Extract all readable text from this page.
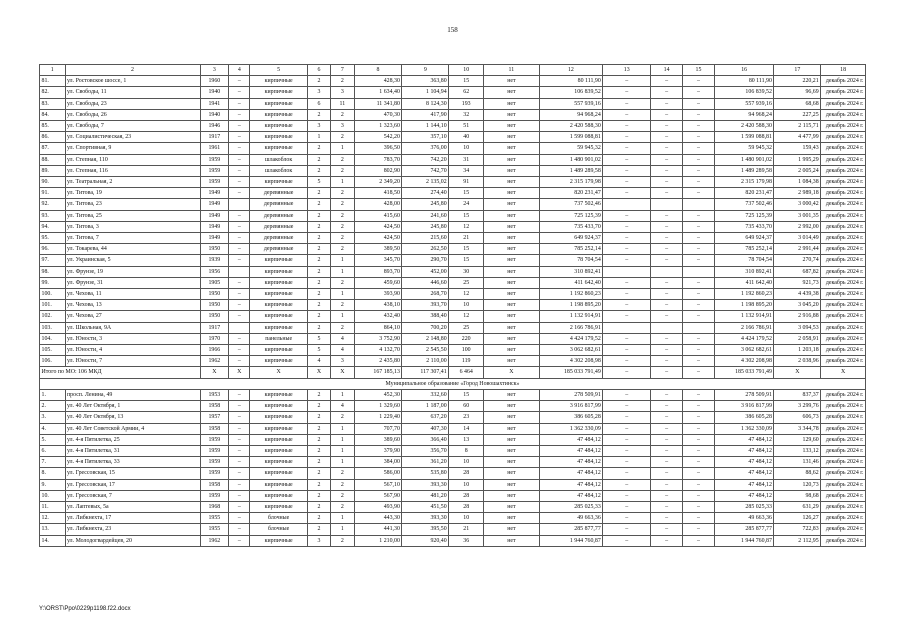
158
1	2	3	4	5	6	7	8	9	10	11	12	13	14	15	16	17	18
81.	ул. Ростовское шоссе, 1	1960	–	кирпичные	2	2	428,30	363,80	15	нет	80 111,90	–	–	–	80 111,90	220,21	декабрь 2024 г.
82.	ул. Свободы, 11	1940	–	кирпичные	3	3	1 634,40	1 104,94	62	нет	106 839,52	–	–	–	106 839,52	96,69	декабрь 2024 г.
83.	ул. Свободы, 23	1941	–	кирпичные	6	11	11 341,80	8 124,30	193	нет	557 939,16	–	–	–	557 939,16	68,68	декабрь 2024 г.
84.	ул. Свободы, 26	1940	–	кирпичные	2	2	470,30	417,90	32	нет	94 968,24	–	–	–	94 968,24	227,25	декабрь 2024 г.
85.	ул. Свободы, 7	1946	–	кирпичные	3	3	1 323,60	1 144,10	51	нет	2 420 588,30	–	–	–	2 420 588,30	2 115,71	декабрь 2024 г.
86.	ул. Социалистическая, 23	1917	–	кирпичные	1	2	542,20	357,10	40	нет	1 599 088,81	–	–	–	1 599 088,81	4 477,99	декабрь 2024 г.
87.	ул. Спортивная, 9	1961	–	кирпичные	2	1	396,50	376,00	10	нет	59 945,32	–	–	–	59 945,32	159,43	декабрь 2024 г.
88.	ул. Степная, 110	1959	–	шлакоблок	2	2	783,70	742,20	31	нет	1 480 901,02	–	–	–	1 480 901,02	1 995,29	декабрь 2024 г.
89.	ул. Степная, 116	1959	–	шлакоблок	2	2	802,90	742,70	34	нет	1 489 289,58	–	–	–	1 489 289,58	2 005,24	декабрь 2024 г.
90.	ул. Театральная, 2	1959	–	кирпичные	5	1	2 349,20	2 135,02	91	нет	2 315 179,98	–	–	–	2 315 179,98	1 084,38	декабрь 2024 г.
91.	ул. Титова, 19	1949	–	деревянные	2	2	418,50	274,40	15	нет	820 231,47	–	–	–	820 231,47	2 989,18	декабрь 2024 г.
92.	ул. Титова, 23	1949		деревянные	2	2	428,00	245,80	24	нет	737 502,46				737 502,46	3 000,42	декабрь 2024 г.
93.	ул. Титова, 25	1949	–	деревянные	2	2	415,60	241,60	15	нет	725 125,39	–	–	–	725 125,39	3 001,35	декабрь 2024 г.
94.	ул. Титова, 3	1949	–	деревянные	2	2	424,50	245,80	12	нет	735 433,70	–	–	–	735 433,70	2 992,00	декабрь 2024 г.
95.	ул. Титова, 7	1949	–	деревянные	2	2	424,50	215,60	21	нет	649 924,37	–	–	–	649 924,37	3 014,49	декабрь 2024 г.
96.	ул. Токарева, 44	1950	–	деревянные	2	2	389,50	262,50	15	нет	785 252,14	–	–	–	785 252,14	2 991,44	декабрь 2024 г.
97.	ул. Украинская, 5	1939	–	кирпичные	2	1	345,70	290,70	15	нет	78 704,54	–	–	–	78 704,54	270,74	декабрь 2024 г.
98.	ул. Фрунзе, 19	1956		кирпичные	2	1	893,70	452,00	30	нет	310 892,41				310 892,41	687,82	декабрь 2024 г.
99.	ул. Фрунзе, 31	1905	–	кирпичные	2	2	459,60	446,60	25	нет	411 642,40	–	–	–	411 642,40	921,73	декабрь 2024 г.
100.	ул. Чехова, 11	1950	–	кирпичные	2	1	393,90	268,70	12	нет	1 192 860,23	–	–	–	1 192 860,23	4 439,38	декабрь 2024 г.
101.	ул. Чехова, 13	1950	–	кирпичные	2	2	438,10	393,70	10	нет	1 198 895,20	–	–	–	1 198 895,20	3 045,20	декабрь 2024 г.
102.	ул. Чехова, 27	1950	–	кирпичные	2	1	432,40	388,40	12	нет	1 132 914,91	–	–	–	1 132 914,91	2 916,88	декабрь 2024 г.
103.	ул. Школьная, 9А	1917		кирпичные	2	2	864,10	700,20	25	нет	2 166 786,91				2 166 786,91	3 094,53	декабрь 2024 г.
104.	ул. Юности, 3	1970	–	панельные	5	4	3 752,90	2 148,80	220	нет	4 424 179,52	–	–	–	4 424 179,52	2 058,91	декабрь 2024 г.
105.	ул. Юности, 4	1966	–	кирпичные	5	4	4 132,70	2 545,50	100	нет	3 062 682,61	–	–	–	3 062 682,61	1 203,18	декабрь 2024 г.
106.	ул. Юности, 7	1962	–	кирпичные	4	3	2 435,80	2 110,00	119	нет	4 302 208,98	–	–	–	4 302 208,98	2 038,96	декабрь 2024 г.
Итого по МО: 106 МКД		X	X	X	X	X	167 185,13	117 307,41	6 464	X	185 033 791,49	–	–	–	185 033 791,49	X	X
Муниципальное образование «Город Новошахтинск»																	
1.	просп. Ленина, 49	1953	–	кирпичные	2	1	452,30	332,60	15	нет	278 509,91	–	–	–	278 509,91	837,37	декабрь 2024 г.
2.	ул. 40 Лет Октября, 1	1958	–	кирпичные	2	4	1 329,60	1 187,00	60	нет	3 916 817,99	–	–	–	3 916 817,99	3 299,76	декабрь 2024 г.
3.	ул. 40 Лет Октября, 13	1957	–	кирпичные	2	2	1 229,40	637,20	23	нет	386 605,28	–	–	–	386 605,28	606,73	декабрь 2024 г.
4.	ул. 40 Лет Советской Армии, 4	1958	–	кирпичные	2	1	707,70	407,30	14	нет	1 362 330,09	–	–	–	1 362 330,09	3 344,78	декабрь 2024 г.
5.	ул. 4-я Пятилетка, 25	1959	–	кирпичные	2	1	389,60	366,40	13	нет	47 484,12	–	–	–	47 484,12	129,60	декабрь 2024 г.
6.	ул. 4-я Пятилетка, 31	1959	–	кирпичные	2	1	379,90	356,70	8	нет	47 484,12	–	–	–	47 484,12	133,12	декабрь 2024 г.
7.	ул. 4-я Пятилетка, 33	1959	–	кирпичные	2	1	384,00	361,20	10	нет	47 484,12	–	–	–	47 484,12	131,46	декабрь 2024 г.
8.	ул. Грессовская, 15	1959	–	кирпичные	2	2	586,00	535,80	28	нет	47 484,12	–	–	–	47 484,12	88,62	декабрь 2024 г.
9.	ул. Грессовская, 17	1958	–	кирпичные	2	2	567,10	393,30	10	нет	47 484,12	–	–	–	47 484,12	120,73	декабрь 2024 г.
10.	ул. Грессовская, 7	1959	–	кирпичные	2	2	567,90	481,20	28	нет	47 484,12	–	–	–	47 484,12	98,68	декабрь 2024 г.
11.	ул. Лаптевых, 5а	1968	–	кирпичные	2	2	493,90	451,50	28	нет	285 025,33	–	–	–	285 025,33	631,29	декабрь 2024 г.
12.	ул. Либкнехта, 17	1955	–	блочные	2	1	443,30	393,30	10	нет	49 663,36	–	–	–	49 663,36	126,27	декабрь 2024 г.
13.	ул. Либкнехта, 23	1955	–	блочные	2	1	441,30	395,50	21	нет	285 877,77	–	–	–	285 877,77	722,83	декабрь 2024 г.
14.	ул. Молодогвардейцев, 20	1962	–	кирпичные	3	2	1 210,00	920,40	36	нет	1 944 760,87	–	–	–	1 944 760,87	2 112,95	декабрь 2024 г.
Y:\ORST\Ppo\0229p1198.f22.docx
